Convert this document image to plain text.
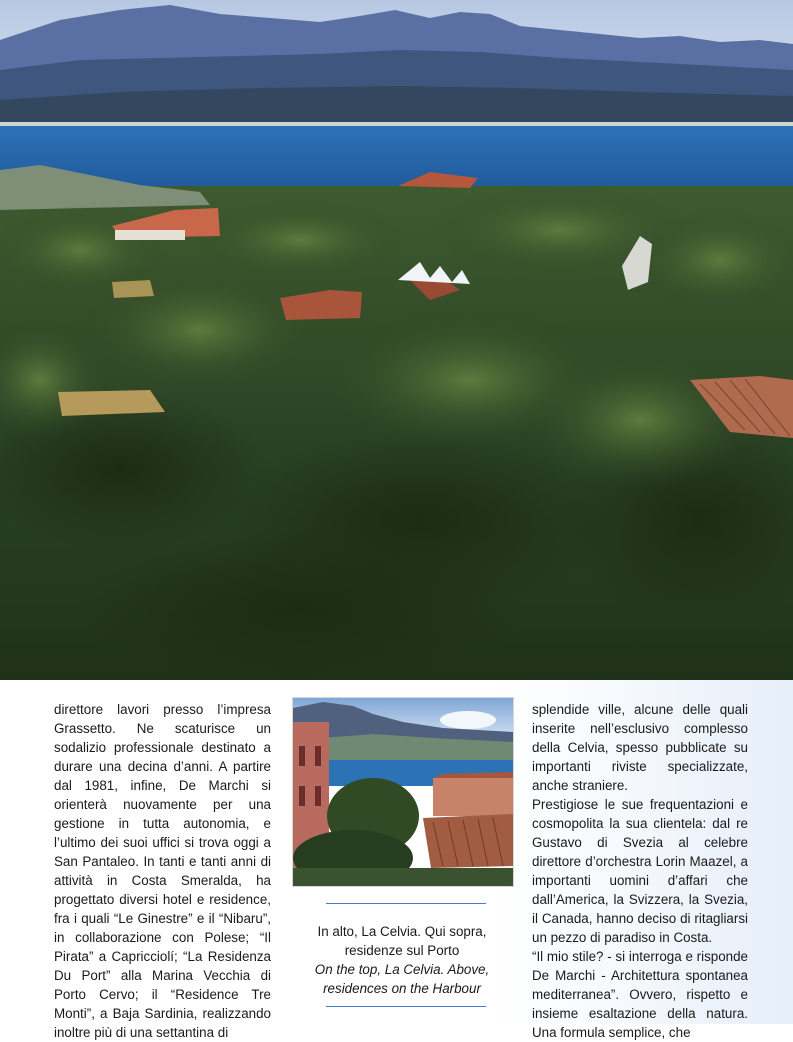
direttore lavori presso l’impresa Grassetto. Ne scaturisce un sodalizio professionale destinato a durare una decina d’anni. A partire dal 1981, infine, De Marchi si orienterà nuovamente per una gestione in tutta autonomia, e l’ultimo dei suoi uffici si trova oggi a San Pantaleo. In tanti e tanti anni di attività in Costa Smeralda, ha progettato diversi hotel e residence, fra i quali “Le Ginestre” e il “Nibaru”, in collaborazione con Polese; “Il Pirata” a Capricciolí; “La Residenza Du Port” alla Marina Vecchia di Porto Cervo; il “Residence Tre Monti”, a Baja Sardinia, realizzando inoltre più di una settantina di

In alto, La Celvia. Qui sopra,
residenze sul Porto
On the top, La Celvia. Above,
residences on the Harbour

splendide ville, alcune delle quali inserite nell’esclusivo complesso della Celvia, spesso pubblicate su importanti riviste specializzate, anche straniere.

Prestigiose le sue frequentazioni e cosmopolita la sua clientela: dal re Gustavo di Svezia al celebre direttore d’orchestra Lorin Maazel, a importanti uomini d’affari che dall’America, la Svizzera, la Svezia, il Canada, hanno deciso di ritagliarsi un pezzo di paradiso in Costa.

“Il mio stile? - si interroga e risponde De Marchi - Architettura spontanea mediterranea”. Ovvero, rispetto e insieme esaltazione della natura. Una formula semplice, che
